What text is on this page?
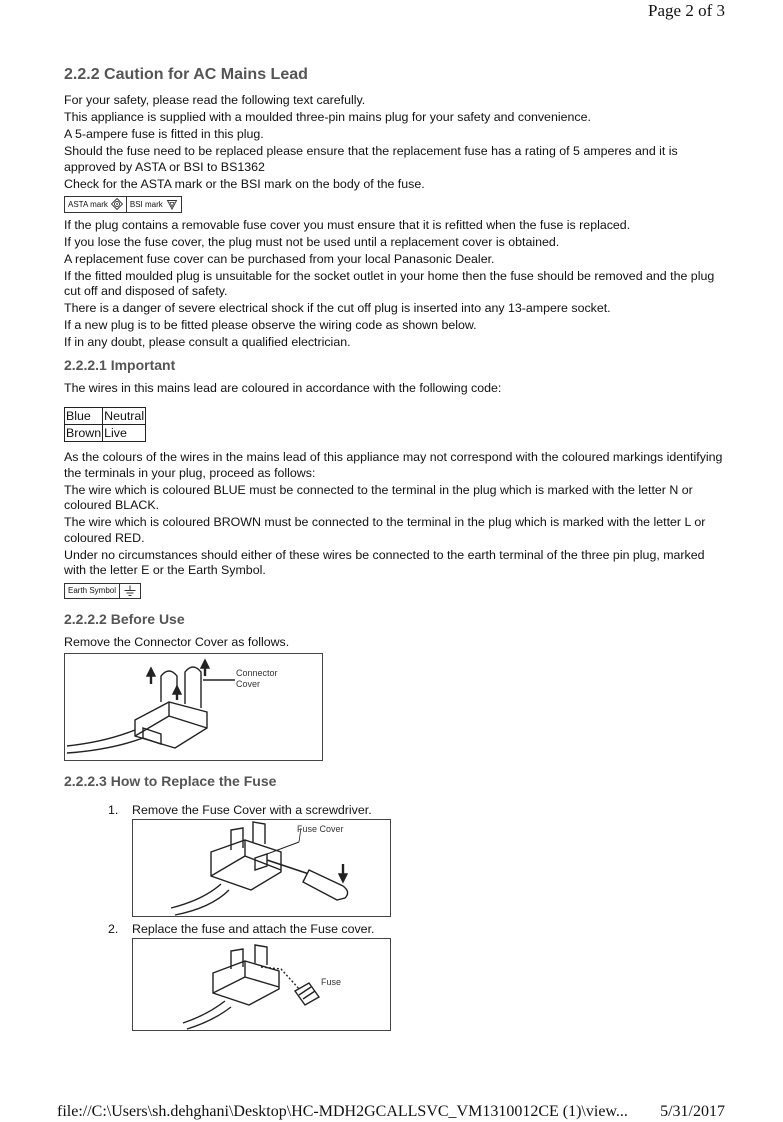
Page 2 of 3
2.2.2 Caution for AC Mains Lead
For your safety, please read the following text carefully.
This appliance is supplied with a moulded three-pin mains plug for your safety and convenience.
A 5-ampere fuse is fitted in this plug.
Should the fuse need to be replaced please ensure that the replacement fuse has a rating of 5 amperes and it is approved by ASTA or BSI to BS1362
Check for the ASTA mark or the BSI mark on the body of the fuse.
ASTA mark	BSI mark
If the plug contains a removable fuse cover you must ensure that it is refitted when the fuse is replaced.
If you lose the fuse cover, the plug must not be used until a replacement cover is obtained.
A replacement fuse cover can be purchased from your local Panasonic Dealer.
If the fitted moulded plug is unsuitable for the socket outlet in your home then the fuse should be removed and the plug cut off and disposed of safety.
There is a danger of severe electrical shock if the cut off plug is inserted into any 13-ampere socket.
If a new plug is to be fitted please observe the wiring code as shown below.
If in any doubt, please consult a qualified electrician.
2.2.2.1 Important
The wires in this mains lead are coloured in accordance with the following code:
Blue	Neutral
Brown	Live
As the colours of the wires in the mains lead of this appliance may not correspond with the coloured markings identifying the terminals in your plug, proceed as follows:
The wire which is coloured BLUE must be connected to the terminal in the plug which is marked with the letter N or coloured BLACK.
The wire which is coloured BROWN must be connected to the terminal in the plug which is marked with the letter L or coloured RED.
Under no circumstances should either of these wires be connected to the earth terminal of the three pin plug, marked with the letter E or the Earth Symbol.
Earth Symbol
2.2.2.2 Before Use
Remove the Connector Cover as follows.
Connector
Cover
2.2.2.3 How to Replace the Fuse
1.	Remove the Fuse Cover with a screwdriver.
Fuse Cover
2.	Replace the fuse and attach the Fuse cover.
Fuse
file://C:\Users\sh.dehghani\Desktop\HC-MDH2GCALLSVC_VM1310012CE (1)\view... 5/31/2017
